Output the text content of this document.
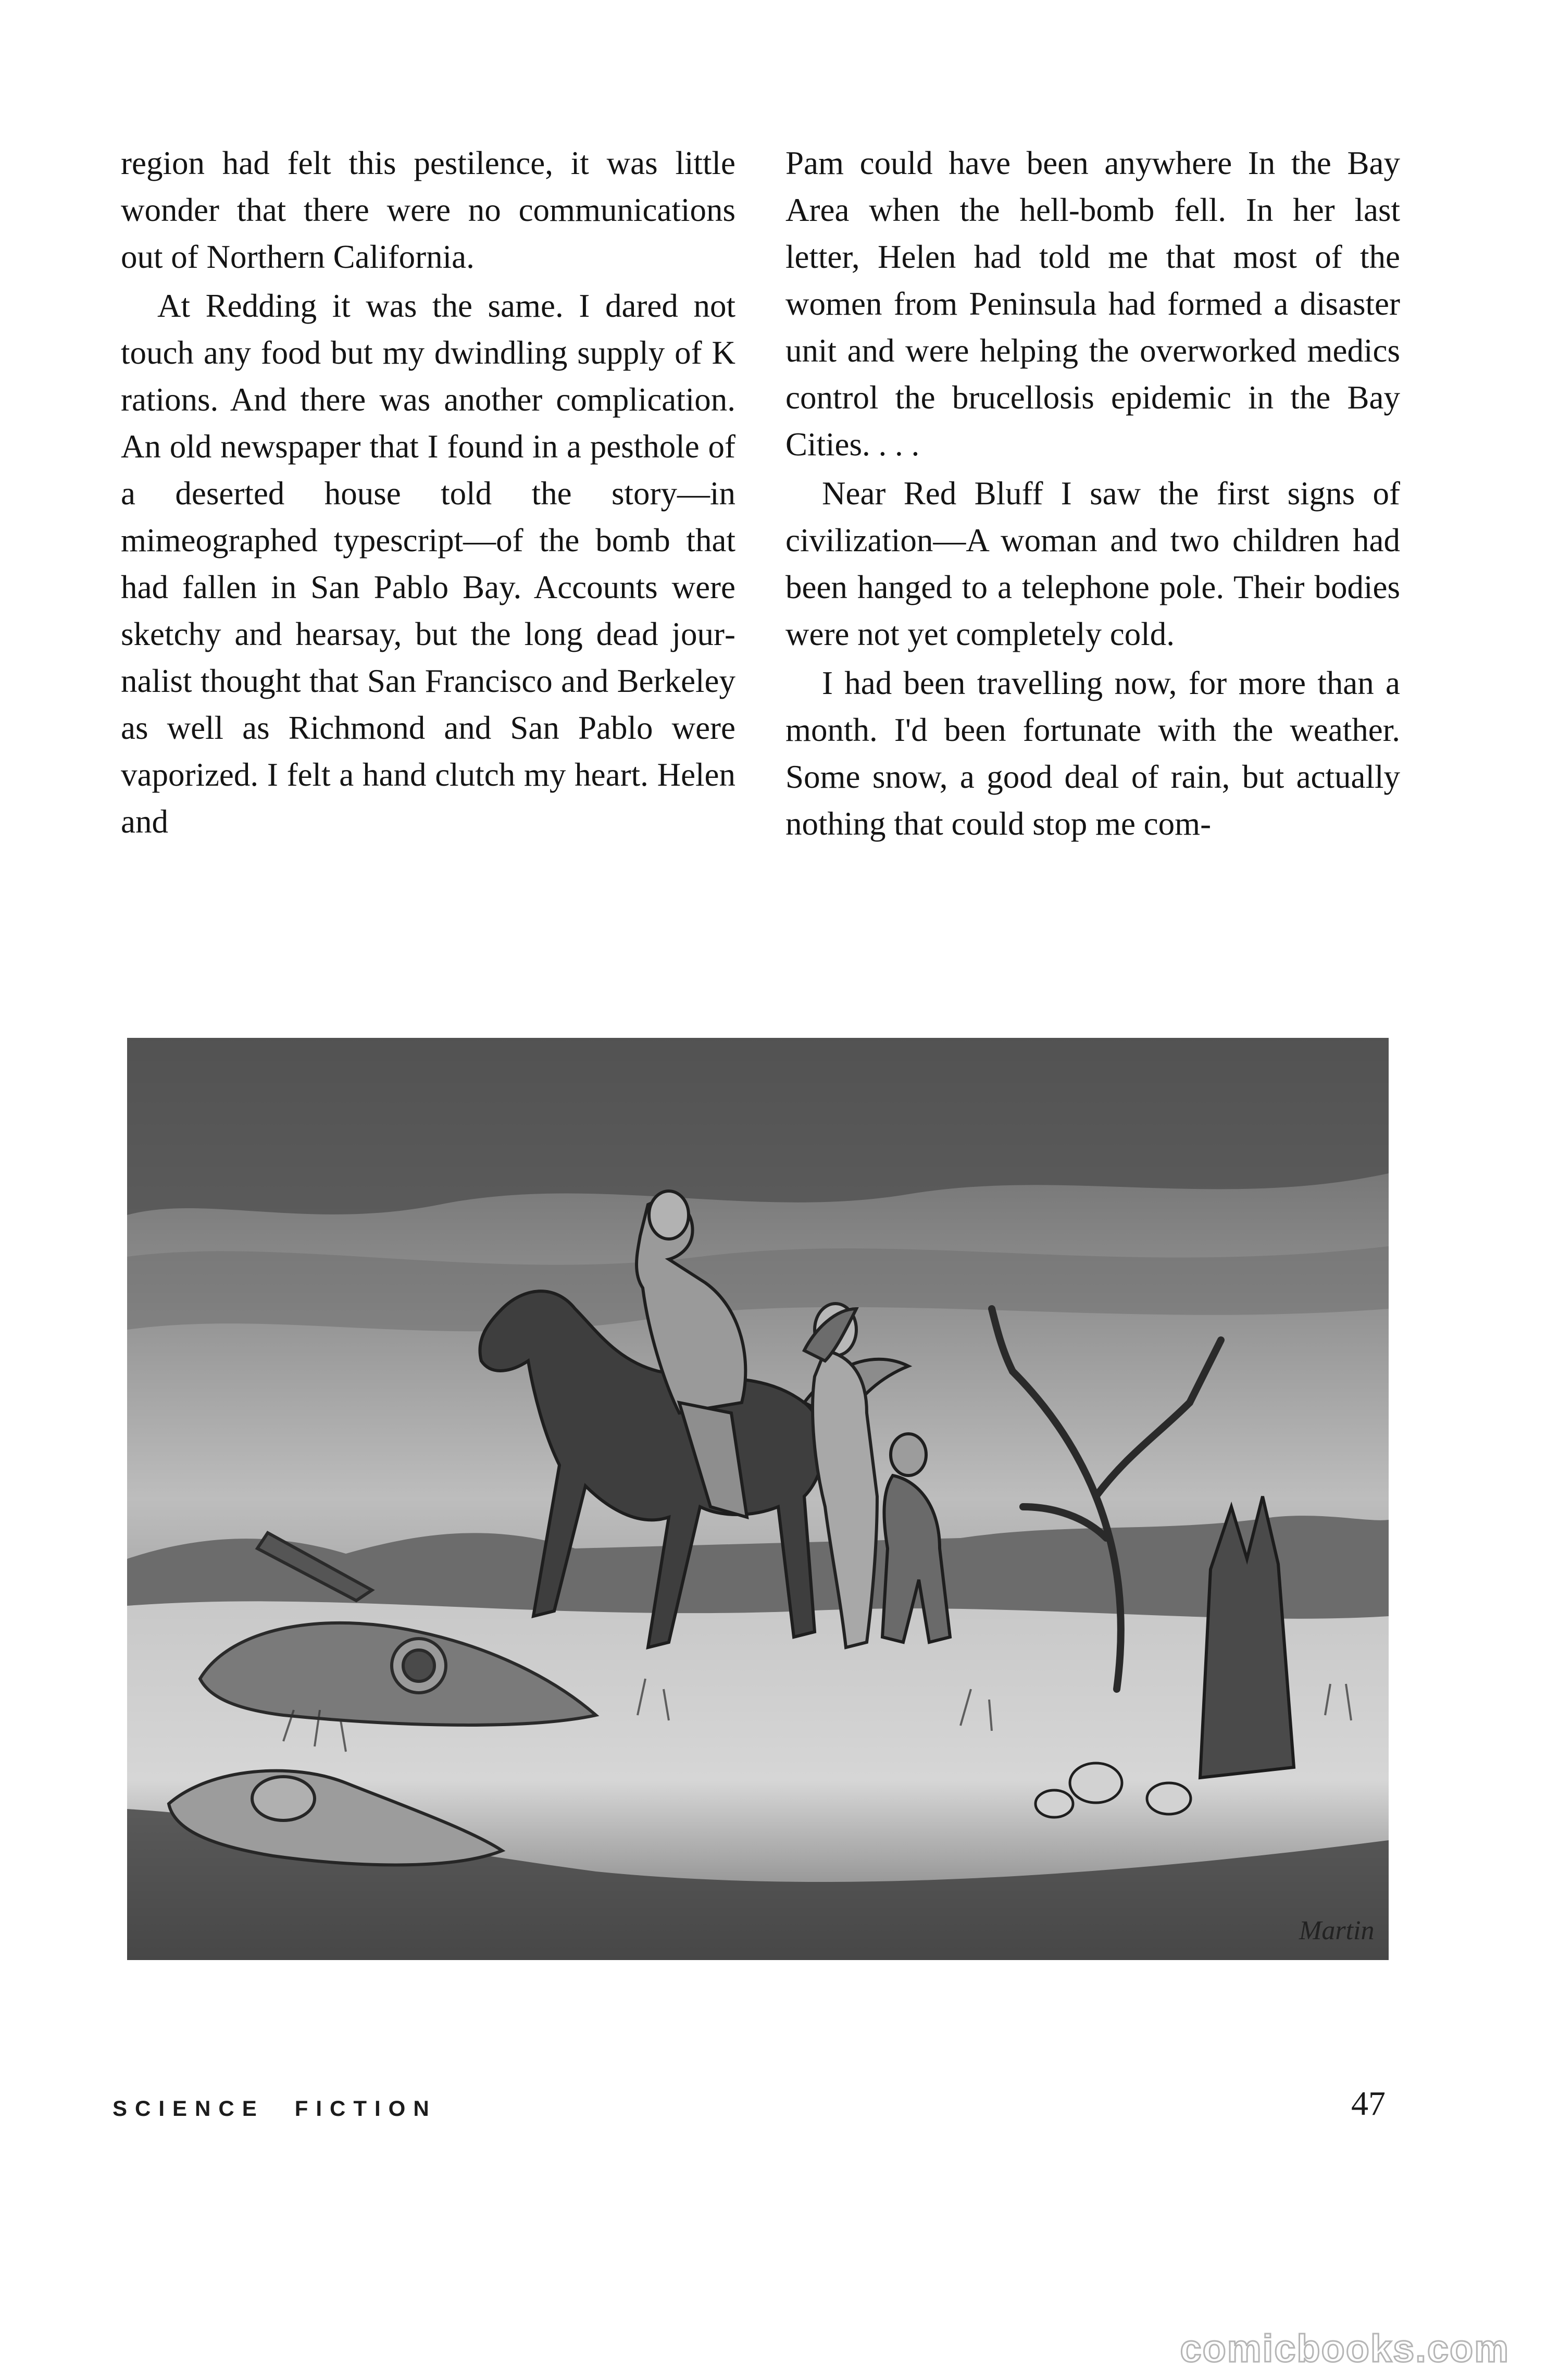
region had felt this pestilence, it was little wonder that there were no communications out of Northern California.

At Redding it was the same. I dared not touch any food but my dwindling supply of K rations. And there was another complication. An old newspaper that I found in a pesthole of a deserted house told the story—in mimeographed typescript—of the bomb that had fallen in San Pablo Bay. Accounts were sketchy and hearsay, but the long dead journalist thought that San Francisco and Berkeley as well as Richmond and San Pablo were vaporized. I felt a hand clutch my heart. Helen and

Pam could have been anywhere In the Bay Area when the hell-bomb fell. In her last letter, Helen had told me that most of the women from Peninsula had formed a disaster unit and were helping the overworked medics control the brucellosis epidemic in the Bay Cities. . . .

Near Red Bluff I saw the first signs of civilization—A woman and two children had been hanged to a telephone pole. Their bodies were not yet completely cold.

I had been travelling now, for more than a month. I'd been fortunate with the weather. Some snow, a good deal of rain, but actually nothing that could stop me com-

Martin
SCIENCE FICTION	47
comicbooks.com
